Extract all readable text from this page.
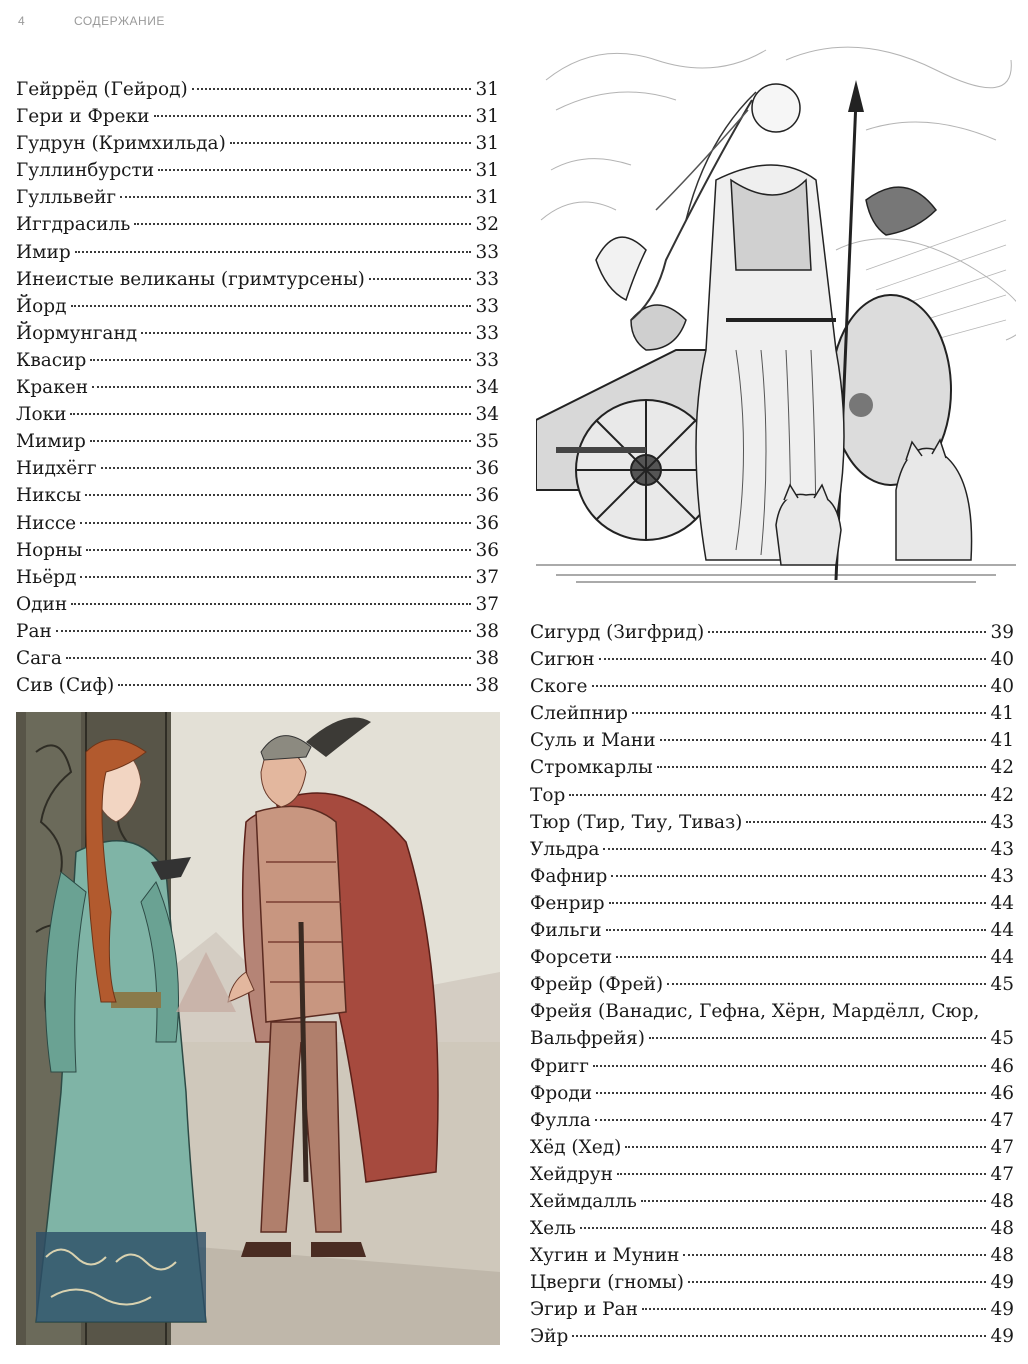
4	СОДЕРЖАНИЕ
Гейррёд (Гейрод)	31
Гери и Фреки	31
Гудрун (Кримхильда)	31
Гуллинбурсти	31
Гулльвейг	31
Иггдрасиль	32
Имир	33
Инеистые великаны (гримтурсены)	33
Йорд	33
Йормунганд	33
Квасир	33
Кракен	34
Локи	34
Мимир	35
Нидхёгг	36
Никсы	36
Ниссе	36
Норны	36
Ньёрд	37
Один	37
Ран	38
Сага	38
Сив (Сиф)	38
Сигурд (Зигфрид)	39
Сигюн	40
Скоге	40
Слейпнир	41
Суль и Мани	41
Стромкарлы	42
Тор	42
Тюр (Тир, Тиу, Тиваз)	43
Ульдра	43
Фафнир	43
Фенрир	44
Фильги	44
Форсети	44
Фрейр (Фрей)	45
Фрейя (Ванадис, Гефна, Хёрн, Мардёлл, Сюр,
Вальфрейя)	45
Фригг	46
Фроди	46
Фулла	47
Хёд (Хед)	47
Хейдрун	47
Хеймдалль	48
Хель	48
Хугин и Мунин	48
Цверги (гномы)	49
Эгир и Ран	49
Эйр	49
